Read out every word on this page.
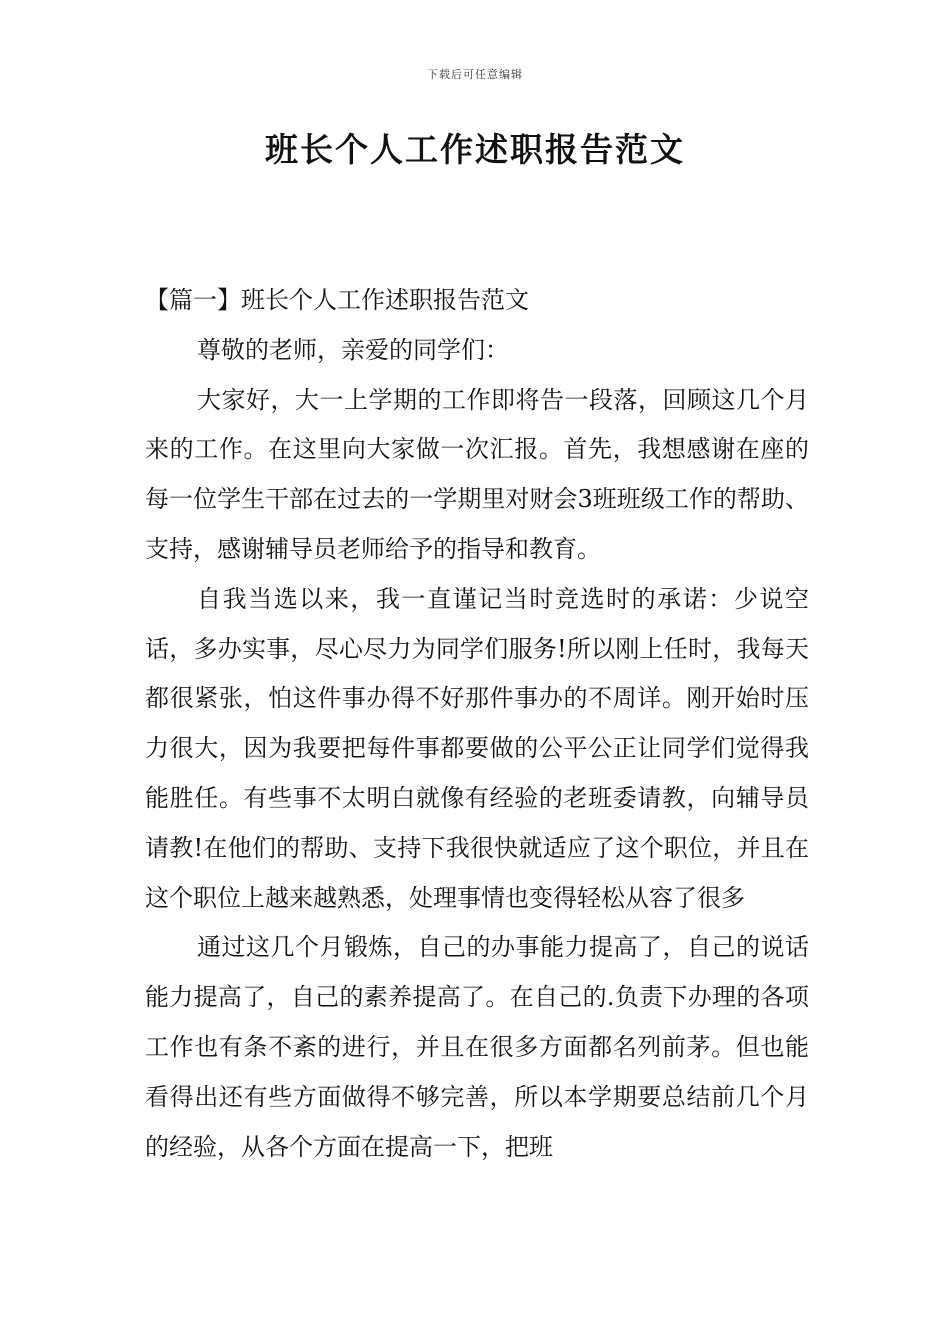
下载后可任意编辑
班长个人工作述职报告范文

【篇一】班长个人工作述职报告范文

尊敬的老师，亲爱的同学们：

大家好，大一上学期的工作即将告一段落，回顾这几个月来的工作。在这里向大家做一次汇报。首先，我想感谢在座的每一位学生干部在过去的一学期里对财会3班班级工作的帮助、支持，感谢辅导员老师给予的指导和教育。

自我当选以来，我一直谨记当时竞选时的承诺：少说空话，多办实事，尽心尽力为同学们服务!所以刚上任时，我每天都很紧张，怕这件事办得不好那件事办的不周详。刚开始时压力很大，因为我要把每件事都要做的公平公正让同学们觉得我能胜任。有些事不太明白就像有经验的老班委请教，向辅导员请教!在他们的帮助、支持下我很快就适应了这个职位，并且在这个职位上越来越熟悉，处理事情也变得轻松从容了很多

通过这几个月锻炼，自己的办事能力提高了，自己的说话能力提高了，自己的素养提高了。在自己的.负责下办理的各项工作也有条不紊的进行，并且在很多方面都名列前茅。但也能看得出还有些方面做得不够完善，所以本学期要总结前几个月的经验，从各个方面在提高一下，把班
